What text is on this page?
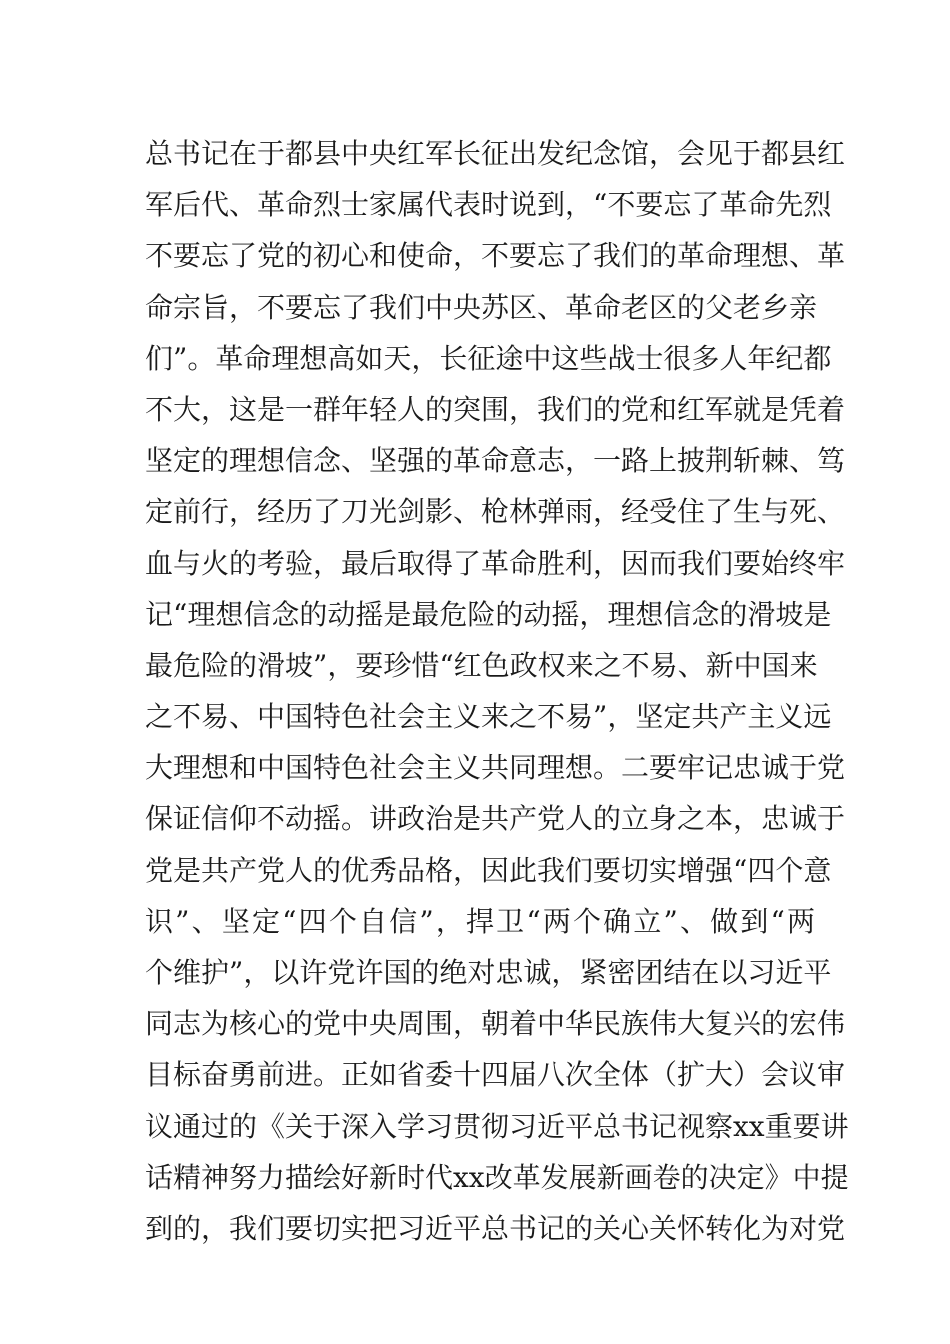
总书记在于都县中央红军长征出发纪念馆，会见于都县红
军后代、革命烈士家属代表时说到，“不要忘了革命先烈
不要忘了党的初心和使命，不要忘了我们的革命理想、革
命宗旨，不要忘了我们中央苏区、革命老区的父老乡亲
们”。革命理想高如天，长征途中这些战士很多人年纪都
不大，这是一群年轻人的突围，我们的党和红军就是凭着
坚定的理想信念、坚强的革命意志，一路上披荆斩棘、笃
定前行，经历了刀光剑影、枪林弹雨，经受住了生与死、
血与火的考验，最后取得了革命胜利，因而我们要始终牢
记“理想信念的动摇是最危险的动摇，理想信念的滑坡是
最危险的滑坡”，要珍惜“红色政权来之不易、新中国来
之不易、中国特色社会主义来之不易”，坚定共产主义远
大理想和中国特色社会主义共同理想。二要牢记忠诚于党
保证信仰不动摇。讲政治是共产党人的立身之本，忠诚于
党是共产党人的优秀品格，因此我们要切实增强“四个意
识”、坚定“四个自信”，捍卫“两个确立”、做到“两
个维护”，以许党许国的绝对忠诚，紧密团结在以习近平
同志为核心的党中央周围，朝着中华民族伟大复兴的宏伟
目标奋勇前进。正如省委十四届八次全体（扩大）会议审
议通过的《关于深入学习贯彻习近平总书记视察xx重要讲
话精神努力描绘好新时代xx改革发展新画卷的决定》中提
到的，我们要切实把习近平总书记的关心关怀转化为对党
